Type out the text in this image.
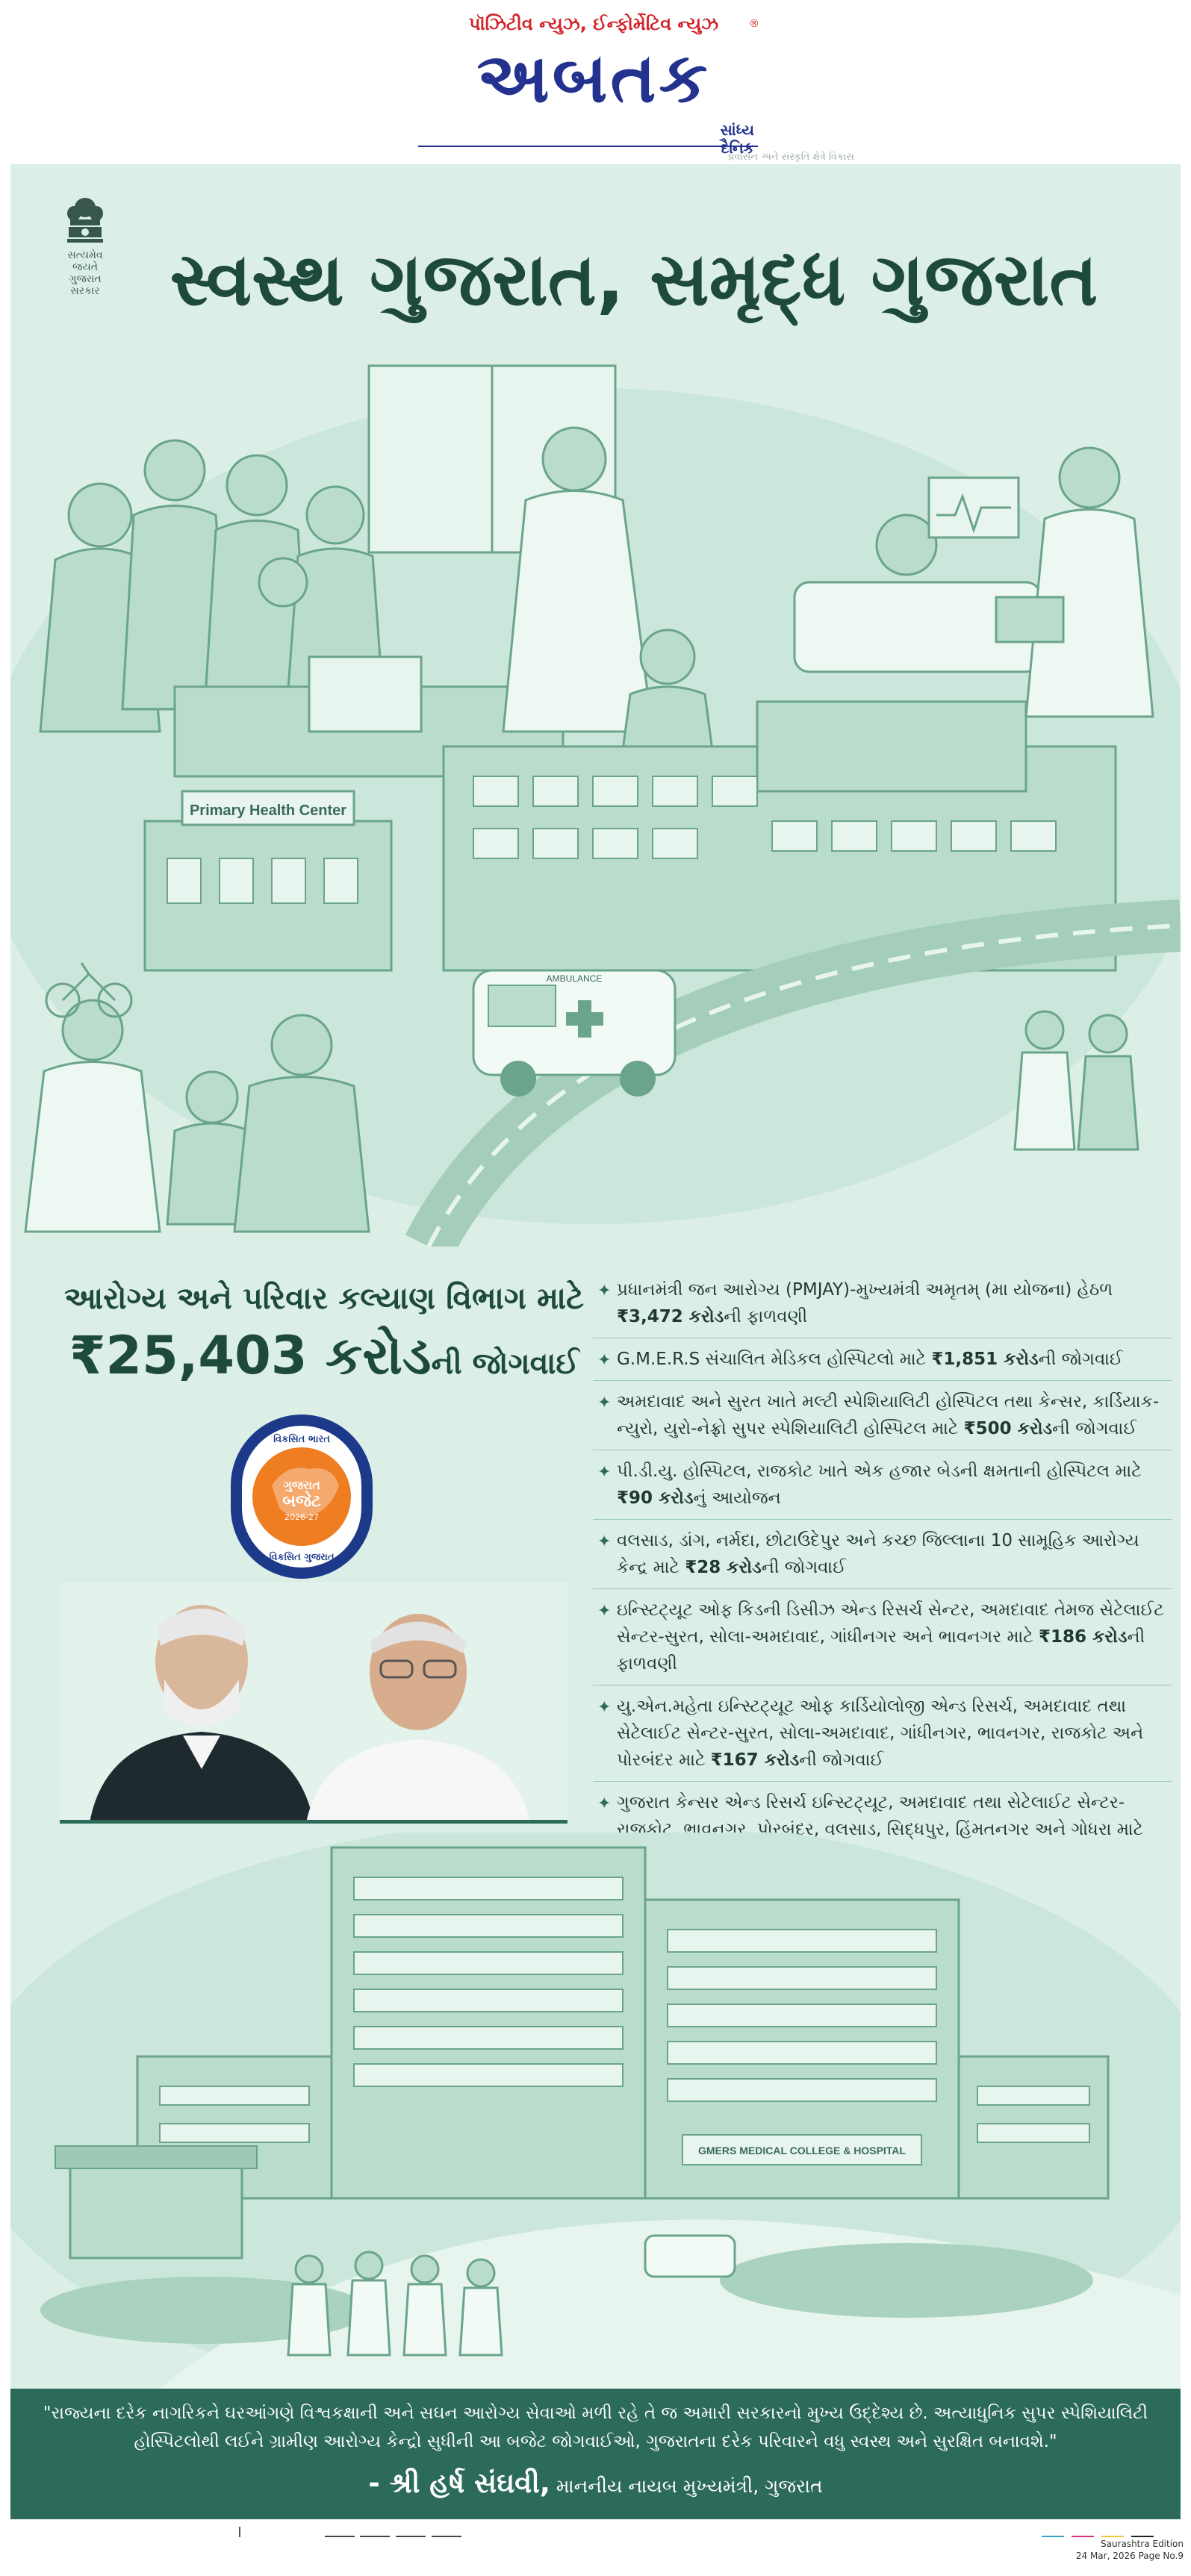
પૉઝિટીવ ન્યુઝ, ઈન્ફોર્મેટિવ ન્યુઝ
અબતક
®
સાંધ્ય દૈનિક
પ્રવાસન અને સંસ્કૃતિ ક્ષેત્રે વિકાસ
સત્યમેવ જયતે
ગુજરાત સરકાર સ્વસ્થ ગુજરાત, સમૃદ્ધ ગુજરાત
Primary Health Center
AMBULANCE
આરોગ્ય અને પરિવાર કલ્યાણ વિભાગ માટે
₹25,403 કરોડની જોગવાઈ
વિકસિત ભારત
ગુજરાત
બજેટ
2026-27
વિકસિત ગુજરાત
✦ પ્રધાનમંત્રી જન આરોગ્ય (PMJAY)-મુખ્યમંત્રી અમૃતમ્ (મા યોજના) હેઠળ ₹3,472 કરોડની ફાળવણી
✦ G.M.E.R.S સંચાલિત મેડિકલ હોસ્પિટલો માટે ₹1,851 કરોડની જોગવાઈ
✦ અમદાવાદ અને સુરત ખાતે મલ્ટી સ્પેશિયાલિટી હોસ્પિટલ તથા કેન્સર, કાર્ડિયાક-ન્યુરો, યુરો-નેફ્રો સુપર સ્પેશિયાલિટી હોસ્પિટલ માટે ₹500 કરોડની જોગવાઈ
✦ પી.ડી.યુ. હોસ્પિટલ, રાજકોટ ખાતે એક હજાર બેડની ક્ષમતાની હોસ્પિટલ માટે ₹90 કરોડનું આયોજન
✦ વલસાડ, ડાંગ, નર્મદા, છોટાઉદેપુર અને કચ્છ જિલ્લાના 10 સામૂહિક આરોગ્ય કેન્દ્ર માટે ₹28 કરોડની જોગવાઈ
✦ ઇન્સ્ટિટ્યૂટ ઓફ કિડની ડિસીઝ એન્ડ રિસર્ચ સેન્ટર, અમદાવાદ તેમજ સેટેલાઈટ સેન્ટર-સુરત, સોલા-અમદાવાદ, ગાંધીનગર અને ભાવનગર માટે ₹186 કરોડની ફાળવણી
✦ યુ.એન.મહેતા ઇન્સ્ટિટ્યૂટ ઓફ કાર્ડિયોલોજી એન્ડ રિસર્ચ, અમદાવાદ તથા સેટેલાઈટ સેન્ટર-સુરત, સોલા-અમદાવાદ, ગાંધીનગર, ભાવનગર, રાજકોટ અને પોરબંદર માટે ₹167 કરોડની જોગવાઈ
✦ ગુજરાત કેન્સર એન્ડ રિસર્ચ ઇન્સ્ટિટ્યૂટ, અમદાવાદ તથા સેટેલાઈટ સેન્ટર-રાજકોટ, ભાવનગર, પોરબંદર, વલસાડ, સિદ્ધપુર, હિંમતનગર અને ગોધરા માટે
GMERS MEDICAL COLLEGE & HOSPITAL
"રાજ્યના દરેક નાગરિકને ઘરઆંગણે વિશ્વકક્ષાની અને સઘન આરોગ્ય સેવાઓ મળી રહે તે જ અમારી સરકારનો મુખ્ય ઉદ્દેશ્ય છે. અત્યાધુનિક સુપર સ્પેશિયાલિટી હોસ્પિટલોથી લઈને ગ્રામીણ આરોગ્ય કેન્દ્રો સુધીની આ બજેટ જોગવાઈઓ, ગુજરાતના દરેક પરિવારને વધુ સ્વસ્થ અને સુરક્ષિત બનાવશે."
- શ્રી હર્ષ સંઘવી, માનનીય નાયબ મુખ્યમંત્રી, ગુજરાત
Saurashtra Edition
24 Mar, 2026 Page No.9
